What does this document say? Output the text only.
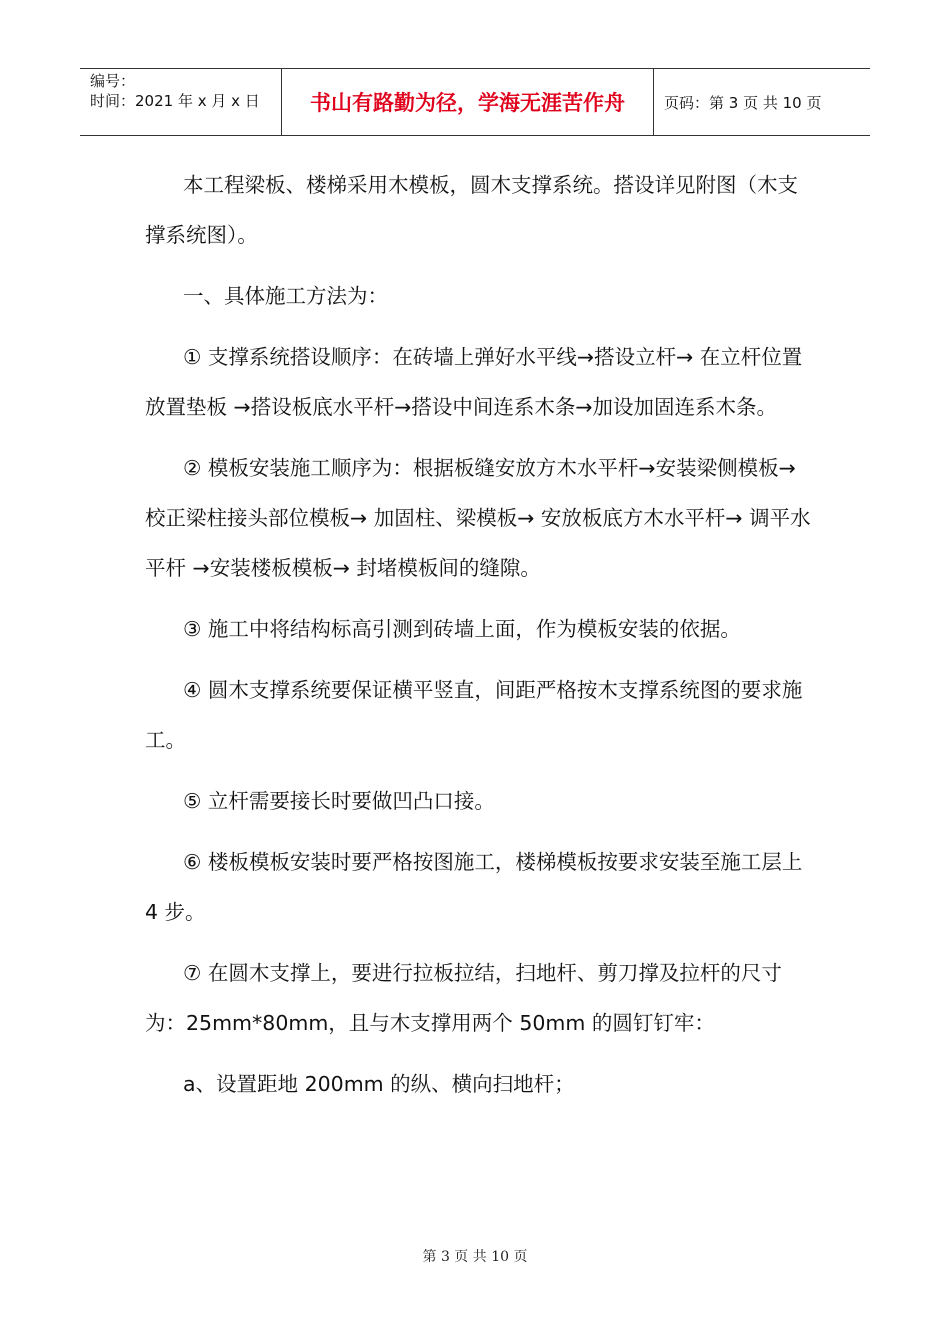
编号：
时间：2021 年 x 月 x 日	书山有路勤为径，学海无涯苦作舟	页码：第 3 页 共 10 页

本工程梁板、楼梯采用木模板，圆木支撑系统。搭设详见附图（木支撑系统图）。

一、具体施工方法为：

① 支撑系统搭设顺序：在砖墙上弹好水平线→搭设立杆→ 在立杆位置放置垫板 →搭设板底水平杆→搭设中间连系木条→加设加固连系木条。

② 模板安装施工顺序为：根据板缝安放方木水平杆→安装梁侧模板→ 校正梁柱接头部位模板→ 加固柱、梁模板→ 安放板底方木水平杆→ 调平水平杆 →安装楼板模板→ 封堵模板间的缝隙。

③ 施工中将结构标高引测到砖墙上面，作为模板安装的依据。

④ 圆木支撑系统要保证横平竖直，间距严格按木支撑系统图的要求施工。

⑤ 立杆需要接长时要做凹凸口接。

⑥ 楼板模板安装时要严格按图施工，楼梯模板按要求安装至施工层上 4 步。

⑦ 在圆木支撑上，要进行拉板拉结，扫地杆、剪刀撑及拉杆的尺寸为：25mm*80mm，且与木支撑用两个 50mm 的圆钉钉牢：

a、设置距地 200mm 的纵、横向扫地杆；

第 3 页 共 10 页
